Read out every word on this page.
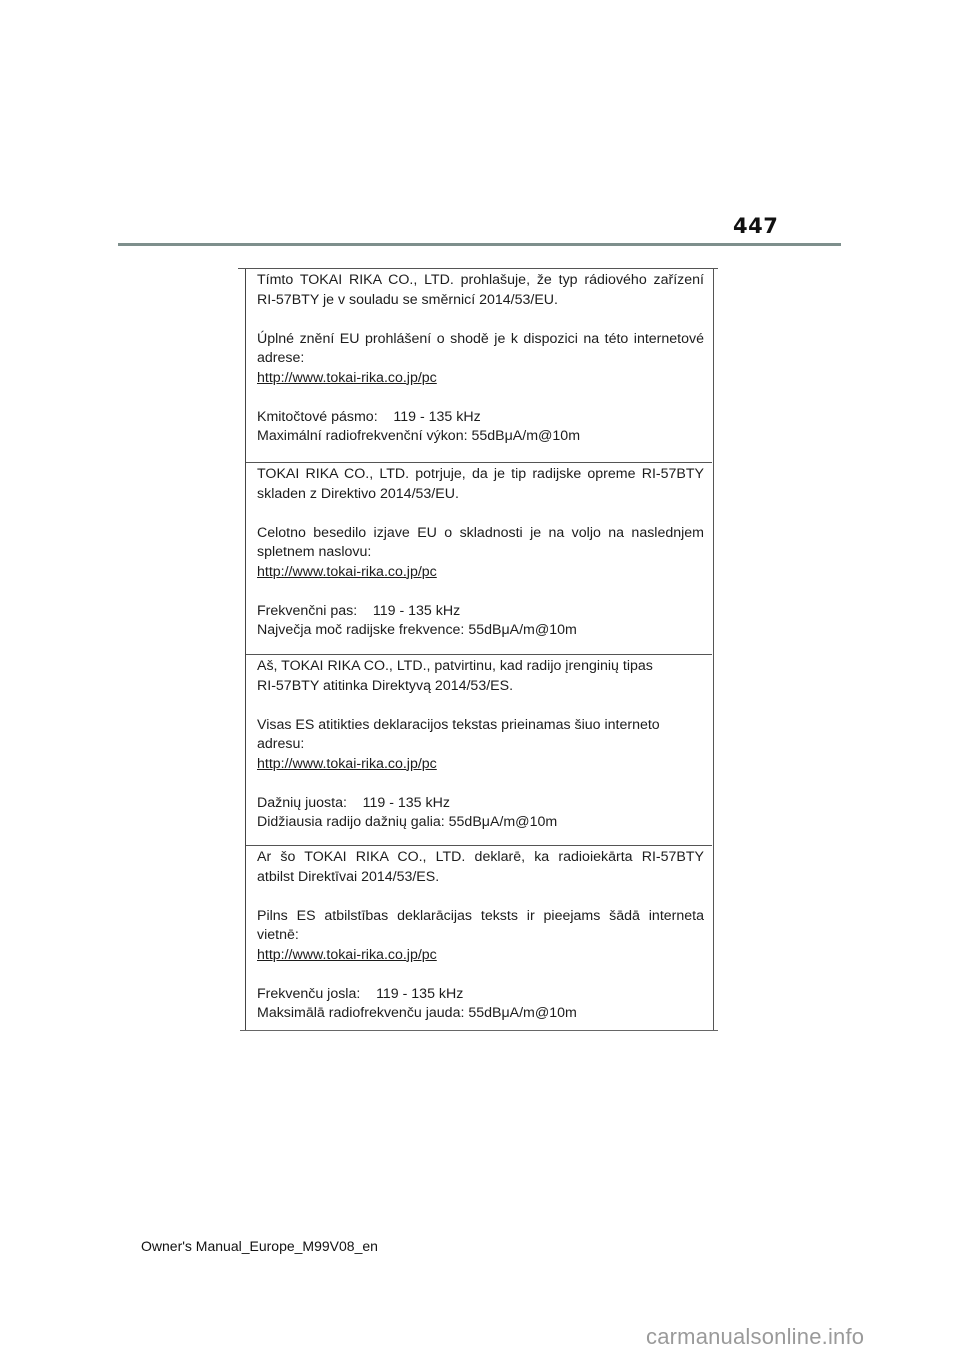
447

Tímto TOKAI RIKA CO., LTD. prohlašuje, že typ rádiového zařízení

RI-57BTY je v souladu se směrnicí 2014/53/EU.

Úplné znění EU prohlášení o shodě je k dispozici na této internetové

adrese:

http://www.tokai-rika.co.jp/pc

Kmitočtové pásmo:    119 - 135 kHz

Maximální radiofrekvenční výkon: 55dBμA/m@10m

TOKAI RIKA CO., LTD. potrjuje, da je tip radijske opreme RI-57BTY

skladen z Direktivo 2014/53/EU.

Celotno besedilo izjave EU o skladnosti je na voljo na naslednjem

spletnem naslovu:

http://www.tokai-rika.co.jp/pc

Frekvenčni pas:    119 - 135 kHz

Največja moč radijske frekvence: 55dBμA/m@10m

Aš, TOKAI RIKA CO., LTD., patvirtinu, kad radijo įrenginių tipas

RI-57BTY atitinka Direktyvą 2014/53/ES.

Visas ES atitikties deklaracijos tekstas prieinamas šiuo interneto

adresu:

http://www.tokai-rika.co.jp/pc

Dažnių juosta:    119 - 135 kHz

Didžiausia radijo dažnių galia: 55dBμA/m@10m

Ar šo TOKAI RIKA CO., LTD. deklarē, ka radioiekārta RI-57BTY

atbilst Direktīvai 2014/53/ES.

Pilns ES atbilstības deklarācijas teksts ir pieejams šādā interneta

vietnē:

http://www.tokai-rika.co.jp/pc

Frekvenču josla:    119 - 135 kHz

Maksimālā radiofrekvenču jauda: 55dBμA/m@10m

Owner's Manual_Europe_M99V08_en
carmanualsonline.info
